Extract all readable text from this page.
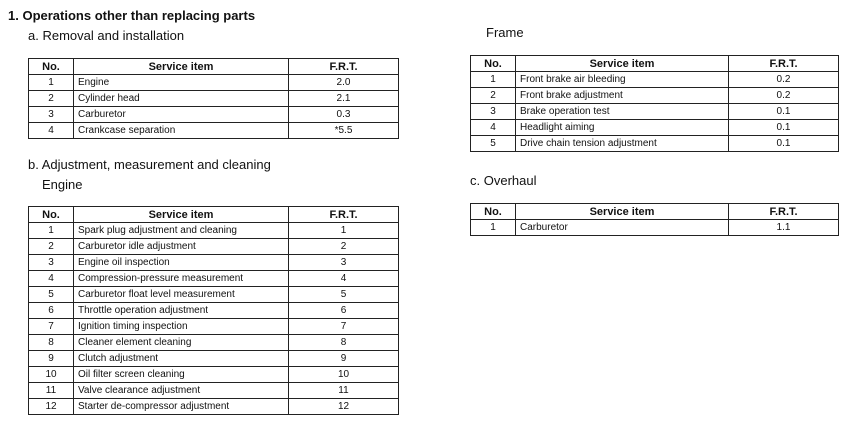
1. Operations other than replacing parts
a. Removal and installation
b. Adjustment, measurement and cleaning
Engine
Frame
c. Overhaul
No.	Service item	F.R.T.
1	Engine	2.0
2	Cylinder head	2.1
3	Carburetor	0.3
4	Crankcase separation	*5.5
No.	Service item	F.R.T.
1	Spark plug adjustment and cleaning	1
2	Carburetor idle adjustment	2
3	Engine oil inspection	3
4	Compression-pressure measurement	4
5	Carburetor float level measurement	5
6	Throttle operation adjustment	6
7	Ignition timing inspection	7
8	Cleaner element cleaning	8
9	Clutch adjustment	9
10	Oil filter screen cleaning	10
11	Valve clearance adjustment	11
12	Starter de-compressor adjustment	12
No.	Service item	F.R.T.
1	Front brake air bleeding	0.2
2	Front brake adjustment	0.2
3	Brake operation test	0.1
4	Headlight aiming	0.1
5	Drive chain tension adjustment	0.1
No.	Service item	F.R.T.
1	Carburetor	1.1
